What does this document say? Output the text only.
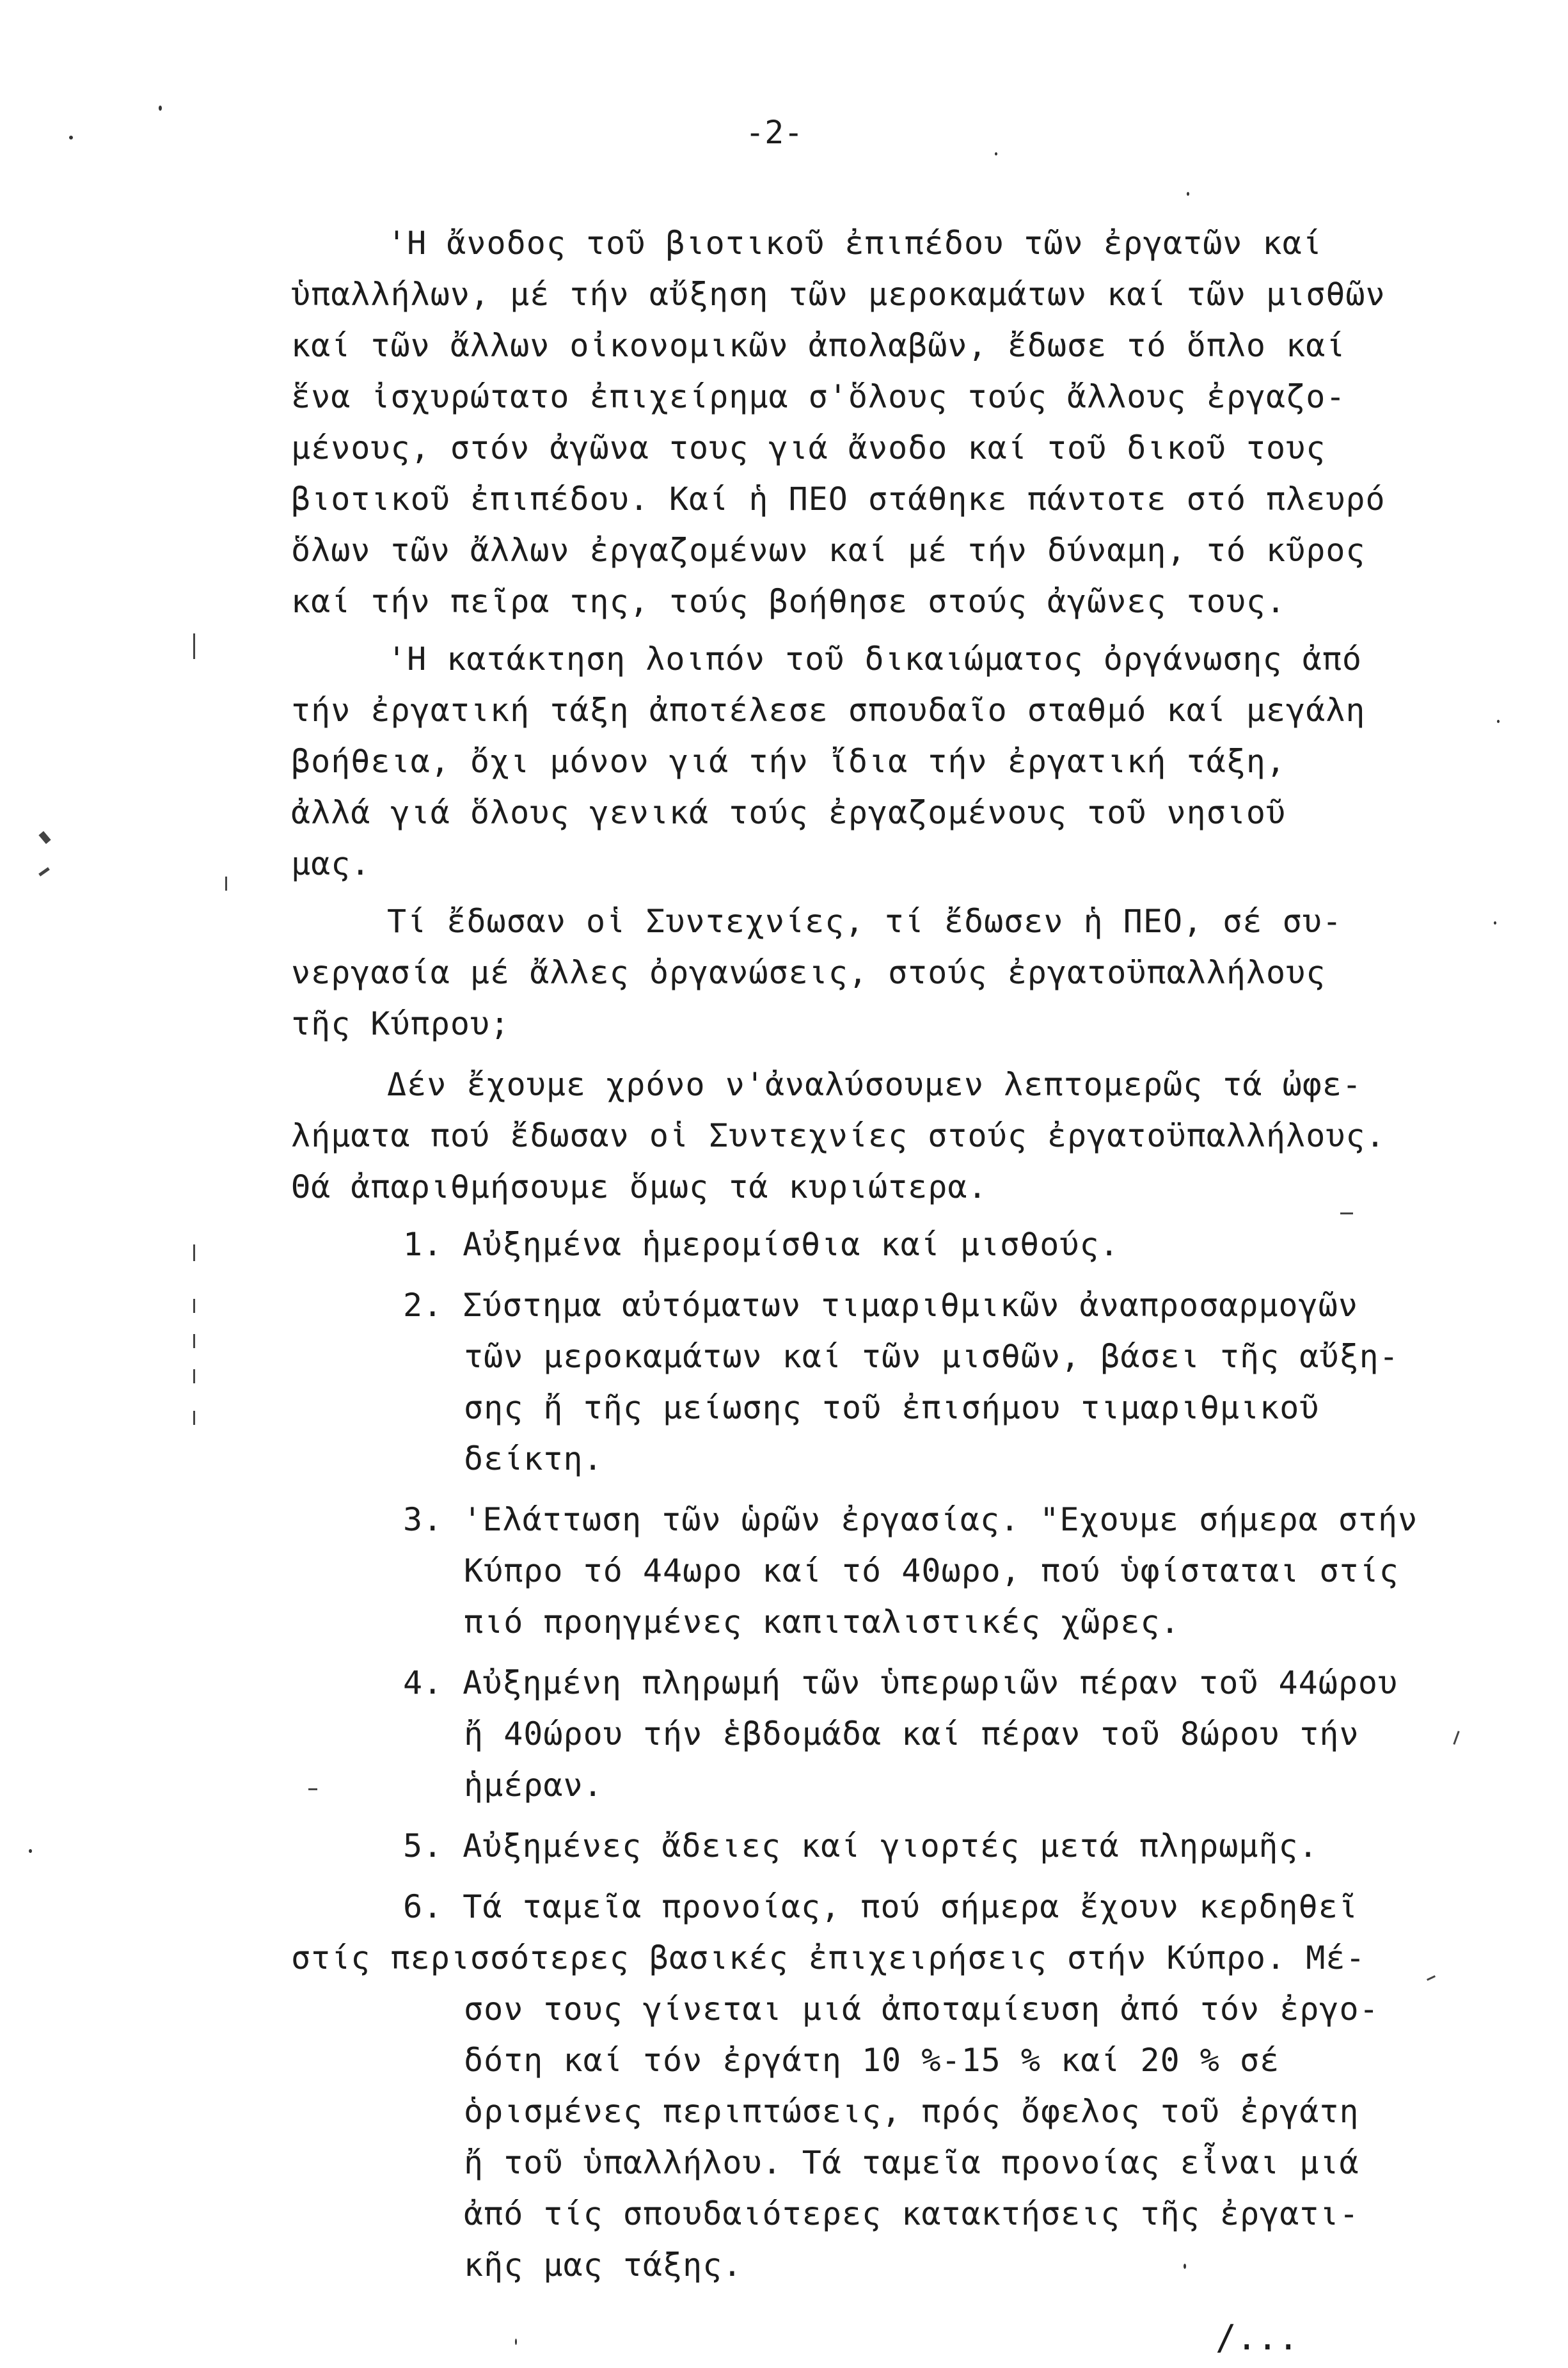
-2-
'Η ἄνοδος τοῦ βιοτικοῦ ἐπιπέδου τῶν ἐργατῶν καί
ὑπαλλήλων, μέ τήν αὔξηση τῶν μεροκαμάτων καί τῶν μισθῶν
καί τῶν ἄλλων οἰκονομικῶν ἀπολαβῶν, ἔδωσε τό ὅπλο καί
ἕνα ἰσχυρώτατο ἐπιχείρημα σ'ὅλους τούς ἄλλους ἐργαζο-
μένους, στόν ἀγῶνα τους γιά ἄνοδο καί τοῦ δικοῦ τους
βιοτικοῦ ἐπιπέδου. Καί ἡ ΠΕΟ στάθηκε πάντοτε στό πλευρό
ὅλων τῶν ἄλλων ἐργαζομένων καί μέ τήν δύναμη, τό κῦρος
καί τήν πεῖρα της, τούς βοήθησε στούς ἀγῶνες τους.
'Η κατάκτηση λοιπόν τοῦ δικαιώματος ὀργάνωσης ἀπό
τήν ἐργατική τάξη ἀποτέλεσε σπουδαῖο σταθμό καί μεγάλη
βοήθεια, ὄχι μόνον γιά τήν ἴδια τήν ἐργατική τάξη,
ἀλλά γιά ὅλους γενικά τούς ἐργαζομένους τοῦ νησιοῦ
μας.
Τί ἔδωσαν οἱ Συντεχνίες, τί ἔδωσεν ἡ ΠΕΟ, σέ συ-
νεργασία μέ ἄλλες ὀργανώσεις, στούς ἐργατοϋπαλλήλους
τῆς Κύπρου;
Δέν ἔχουμε χρόνο ν'ἀναλύσουμεν λεπτομερῶς τά ὠφε-
λήματα πού ἔδωσαν οἱ Συντεχνίες στούς ἐργατοϋπαλλήλους.
Θά ἀπαριθμήσουμε ὅμως τά κυριώτερα.
1. Αὐξημένα ἡμερομίσθια καί μισθούς.
2. Σύστημα αὐτόματων τιμαριθμικῶν ἀναπροσαρμογῶν
τῶν μεροκαμάτων καί τῶν μισθῶν, βάσει τῆς αὔξη-
σης ἤ τῆς μείωσης τοῦ ἐπισήμου τιμαριθμικοῦ
δείκτη.
3. 'Ελάττωση τῶν ὡρῶν ἐργασίας. "Εχουμε σήμερα στήν
Κύπρο τό 44ωρο καί τό 40ωρο, πού ὑφίσταται στίς
πιό προηγμένες καπιταλιστικές χῶρες.
4. Αὐξημένη πληρωμή τῶν ὑπερωριῶν πέραν τοῦ 44ώρου
ἤ 40ώρου τήν ἑβδομάδα καί πέραν τοῦ 8ώρου τήν
ἡμέραν.
5. Αὐξημένες ἄδειες καί γιορτές μετά πληρωμῆς.
6. Τά ταμεῖα προνοίας, πού σήμερα ἔχουν κερδηθεῖ
στίς περισσότερες βασικές ἐπιχειρήσεις στήν Κύπρο. Μέ-
σον τους γίνεται μιά ἀποταμίευση ἀπό τόν ἐργο-
δότη καί τόν ἐργάτη 10 %-15 % καί 20 % σέ
ὁρισμένες περιπτώσεις, πρός ὄφελος τοῦ ἐργάτη
ἤ τοῦ ὑπαλλήλου. Τά ταμεῖα προνοίας εἶναι μιά
ἀπό τίς σπουδαιότερες κατακτήσεις τῆς ἐργατι-
κῆς μας τάξης.
/...
